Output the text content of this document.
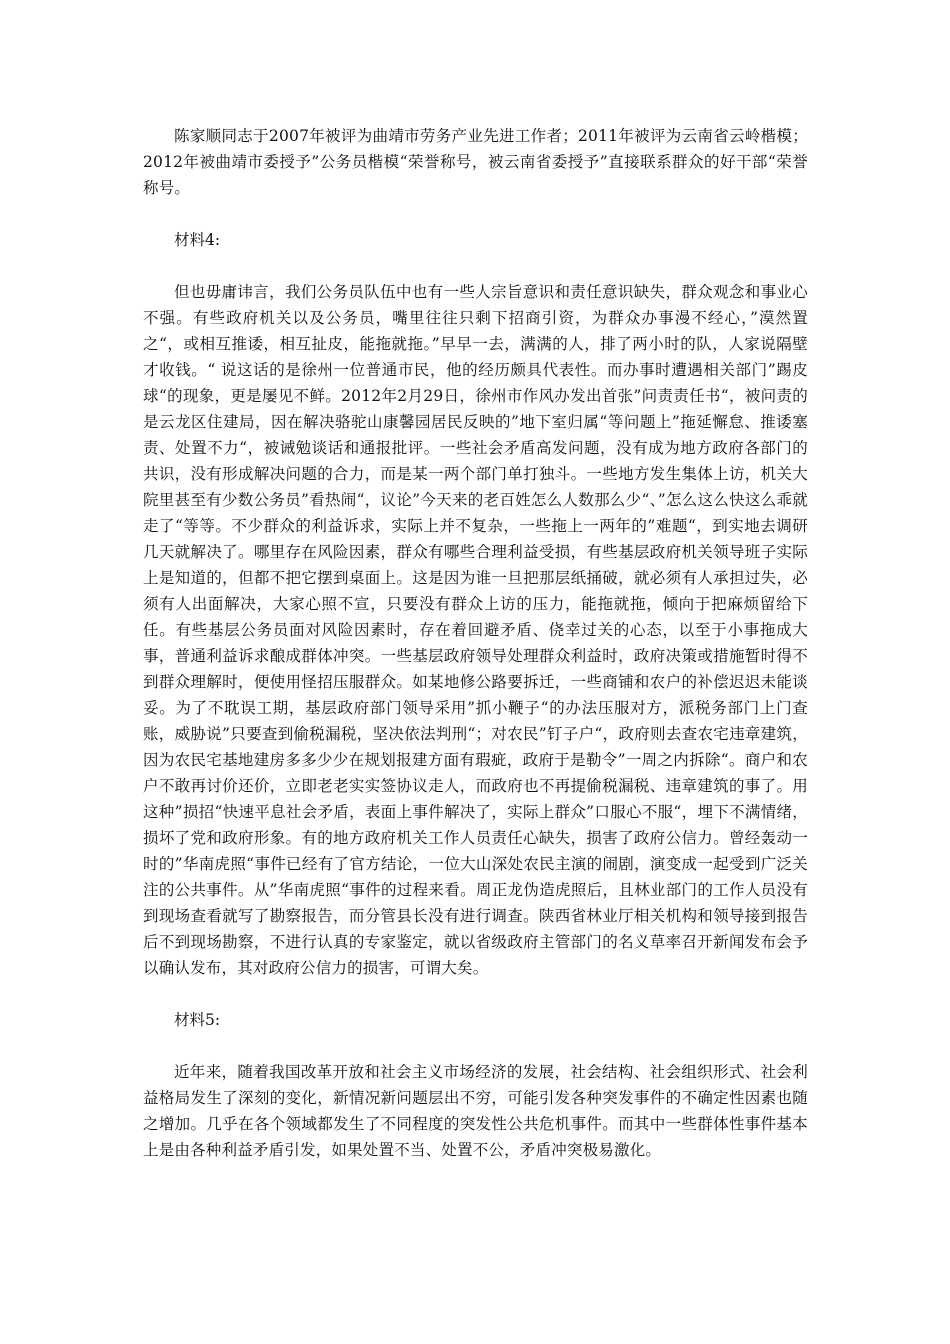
陈家顺同志于2007年被评为曲靖市劳务产业先进工作者；2011年被评为云南省云岭楷模；2012年被曲靖市委授予”公务员楷模“荣誉称号，被云南省委授予”直接联系群众的好干部“荣誉称号。

材料4:

但也毋庸讳言，我们公务员队伍中也有一些人宗旨意识和责任意识缺失，群众观念和事业心不强。有些政府机关以及公务员，嘴里往往只剩下招商引资，为群众办事漫不经心，”漠然置之“，或相互推诿，相互扯皮，能拖就拖。”早早一去，满满的人，排了两小时的队，人家说隔壁才收钱。“ 说这话的是徐州一位普通市民，他的经历颇具代表性。而办事时遭遇相关部门”踢皮球“的现象，更是屡见不鲜。2012年2月29日，徐州市作风办发出首张”问责责任书“，被问责的是云龙区住建局，因在解决骆驼山康馨园居民反映的”地下室归属“等问题上”拖延懈怠、推诿塞责、处置不力“，被诫勉谈话和通报批评。一些社会矛盾高发问题，没有成为地方政府各部门的共识，没有形成解决问题的合力，而是某一两个部门单打独斗。一些地方发生集体上访，机关大院里甚至有少数公务员”看热闹“，议论”今天来的老百姓怎么人数那么少“、”怎么这么快这么乖就走了“等等。不少群众的利益诉求，实际上并不复杂，一些拖上一两年的”难题“，到实地去调研几天就解决了。哪里存在风险因素，群众有哪些合理利益受损，有些基层政府机关领导班子实际上是知道的，但都不把它摆到桌面上。这是因为谁一旦把那层纸捅破，就必须有人承担过失，必须有人出面解决，大家心照不宣，只要没有群众上访的压力，能拖就拖，倾向于把麻烦留给下任。有些基层公务员面对风险因素时，存在着回避矛盾、侥幸过关的心态，以至于小事拖成大事，普通利益诉求酿成群体冲突。一些基层政府领导处理群众利益时，政府决策或措施暂时得不到群众理解时，便使用怪招压服群众。如某地修公路要拆迁，一些商铺和农户的补偿迟迟未能谈妥。为了不耽误工期，基层政府部门领导采用”抓小鞭子“的办法压服对方，派税务部门上门查账，威胁说”只要查到偷税漏税，坚决依法判刑“；对农民”钉子户“，政府则去查农宅违章建筑，因为农民宅基地建房多多少少在规划报建方面有瑕疵，政府于是勒令”一周之内拆除“。商户和农户不敢再讨价还价，立即老老实实签协议走人，而政府也不再提偷税漏税、违章建筑的事了。用这种”损招“快速平息社会矛盾，表面上事件解决了，实际上群众”口服心不服“，埋下不满情绪，损坏了党和政府形象。有的地方政府机关工作人员责任心缺失，损害了政府公信力。曾经轰动一时的”华南虎照“事件已经有了官方结论，一位大山深处农民主演的闹剧，演变成一起受到广泛关注的公共事件。从”华南虎照“事件的过程来看。周正龙伪造虎照后，且林业部门的工作人员没有到现场查看就写了勘察报告，而分管县长没有进行调查。陕西省林业厅相关机构和领导接到报告后不到现场勘察，不进行认真的专家鉴定，就以省级政府主管部门的名义草率召开新闻发布会予以确认发布，其对政府公信力的损害，可谓大矣。

材料5:

近年来，随着我国改革开放和社会主义市场经济的发展，社会结构、社会组织形式、社会利益格局发生了深刻的变化，新情况新问题层出不穷，可能引发各种突发事件的不确定性因素也随之增加。几乎在各个领域都发生了不同程度的突发性公共危机事件。而其中一些群体性事件基本上是由各种利益矛盾引发，如果处置不当、处置不公，矛盾冲突极易激化。
